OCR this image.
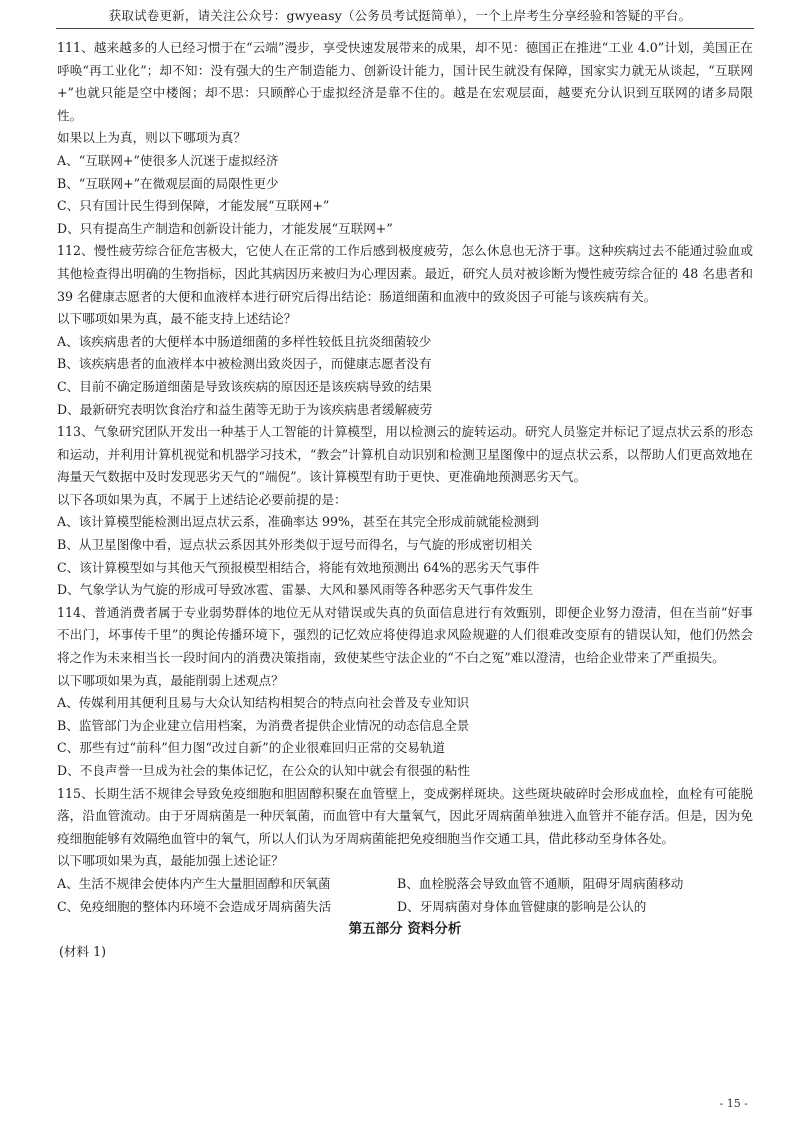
获取试卷更新，请关注公众号：gwyeasy（公务员考试挺简单），一个上岸考生分享经验和答疑的平台。

111、越来越多的人已经习惯于在“云端”漫步，享受快速发展带来的成果，却不见：德国正在推进“工业 4.0”计划，美国正在呼唤“再工业化”；却不知：没有强大的生产制造能力、创新设计能力，国计民生就没有保障，国家实力就无从谈起，“互联网+”也就只能是空中楼阁；却不思：只顾醉心于虚拟经济是靠不住的。越是在宏观层面，越要充分认识到互联网的诸多局限性。

如果以上为真，则以下哪项为真？

A、“互联网+”使很多人沉迷于虚拟经济

B、“互联网+”在微观层面的局限性更少

C、只有国计民生得到保障，才能发展“互联网+”

D、只有提高生产制造和创新设计能力，才能发展“互联网+”

112、慢性疲劳综合征危害极大，它使人在正常的工作后感到极度疲劳，怎么休息也无济于事。这种疾病过去不能通过验血或其他检查得出明确的生物指标，因此其病因历来被归为心理因素。最近，研究人员对被诊断为慢性疲劳综合征的 48 名患者和 39 名健康志愿者的大便和血液样本进行研究后得出结论：肠道细菌和血液中的致炎因子可能与该疾病有关。

以下哪项如果为真，最不能支持上述结论？

A、该疾病患者的大便样本中肠道细菌的多样性较低且抗炎细菌较少

B、该疾病患者的血液样本中被检测出致炎因子，而健康志愿者没有

C、目前不确定肠道细菌是导致该疾病的原因还是该疾病导致的结果

D、最新研究表明饮食治疗和益生菌等无助于为该疾病患者缓解疲劳

113、气象研究团队开发出一种基于人工智能的计算模型，用以检测云的旋转运动。研究人员鉴定并标记了逗点状云系的形态和运动，并利用计算机视觉和机器学习技术，“教会”计算机自动识别和检测卫星图像中的逗点状云系，以帮助人们更高效地在海量天气数据中及时发现恶劣天气的“端倪”。该计算模型有助于更快、更准确地预测恶劣天气。

以下各项如果为真，不属于上述结论必要前提的是：

A、该计算模型能检测出逗点状云系，准确率达 99%，甚至在其完全形成前就能检测到

B、从卫星图像中看，逗点状云系因其外形类似于逗号而得名，与气旋的形成密切相关

C、该计算模型如与其他天气预报模型相结合，将能有效地预测出 64%的恶劣天气事件

D、气象学认为气旋的形成可导致冰雹、雷暴、大风和暴风雨等各种恶劣天气事件发生

114、普通消费者属于专业弱势群体的地位无从对错误或失真的负面信息进行有效甄别，即便企业努力澄清，但在当前“好事不出门，坏事传千里”的舆论传播环境下，强烈的记忆效应将使得追求风险规避的人们很难改变原有的错误认知，他们仍然会将之作为未来相当长一段时间内的消费决策指南，致使某些守法企业的“不白之冤”难以澄清，也给企业带来了严重损失。

以下哪项如果为真，最能削弱上述观点？

A、传媒利用其便利且易与大众认知结构相契合的特点向社会普及专业知识

B、监管部门为企业建立信用档案，为消费者提供企业情况的动态信息全景

C、那些有过“前科”但力图“改过自新”的企业很难回归正常的交易轨道

D、不良声誉一旦成为社会的集体记忆，在公众的认知中就会有很强的粘性

115、长期生活不规律会导致免疫细胞和胆固醇积聚在血管壁上，变成粥样斑块。这些斑块破碎时会形成血栓，血栓有可能脱落，沿血管流动。由于牙周病菌是一种厌氧菌，而血管中有大量氧气，因此牙周病菌单独进入血管并不能存活。但是，因为免疫细胞能够有效隔绝血管中的氧气，所以人们认为牙周病菌能把免疫细胞当作交通工具，借此移动至身体各处。

以下哪项如果为真，最能加强上述论证？

A、生活不规律会使体内产生大量胆固醇和厌氧菌	B、血栓脱落会导致血管不通顺，阻碍牙周病菌移动

C、免疫细胞的整体内环境不会造成牙周病菌失活	D、牙周病菌对身体血管健康的影响是公认的

第五部分 资料分析

(材料 1)

- 15 -
